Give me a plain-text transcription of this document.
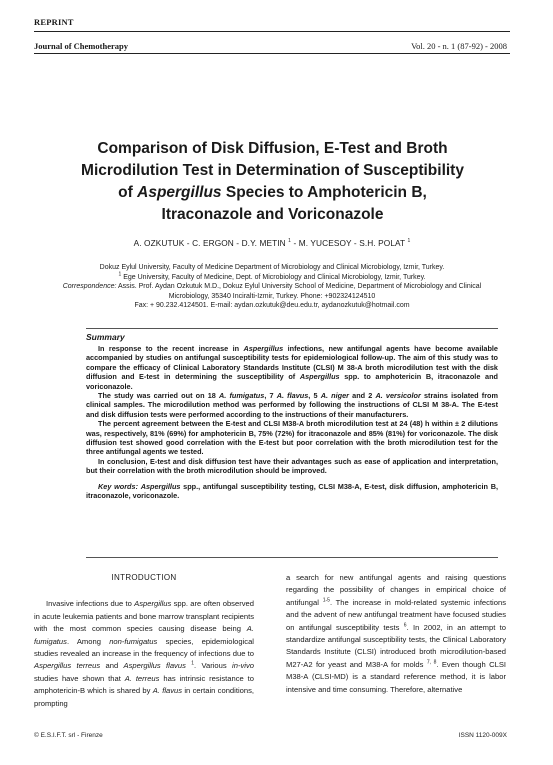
REPRINT
Journal of Chemotherapy	Vol. 20 - n. 1 (87-92) - 2008
Comparison of Disk Diffusion, E-Test and Broth
Microdilution Test in Determination of Susceptibility
of Aspergillus Species to Amphotericin B,
Itraconazole and Voriconazole
A. OZKUTUK - C. ERGON - D.Y. METIN $^1$ - M. YUCESOY - S.H. POLAT $^1$

Dokuz Eylul University, Faculty of Medicine Department of Microbiology and Clinical Microbiology, Izmir, Turkey.

$^1$ Ege University, Faculty of Medicine, Dept. of Microbiology and Clinical Microbiology, Izmir, Turkey.

Correspondence: Assis. Prof. Aydan Ozkutuk M.D., Dokuz Eylul University School of Medicine, Department of Microbiology and Clinical Microbiology, 35340 Inciralti-Izmir, Turkey. Phone: +902324124510

Fax: + 90.232.4124501. E-mail: aydan.ozkutuk@deu.edu.tr, aydanozkutuk@hotmail.com

Summary

In response to the recent increase in Aspergillus infections, new antifungal agents have become available accompanied by studies on antifungal susceptibility tests for epidemiological follow-up. The aim of this study was to compare the efficacy of Clinical Laboratory Standards Institute (CLSI) M 38-A broth microdilution test with the disk diffusion and E-test in determining the susceptibility of Aspergillus spp. to amphotericin B, itraconazole and voriconazole.

The study was carried out on 18 A. fumigatus, 7 A. flavus, 5 A. niger and 2 A. versicolor strains isolated from clinical samples. The microdilution method was performed by following the instructions of CLSI M 38-A. The E-test and disk diffusion tests were performed according to the instructions of their manufacturers.

The percent agreement between the E-test and CLSI M38-A broth microdilution test at 24 (48) h within ± 2 dilutions was, respectively, 81% (69%) for amphotericin B, 75% (72%) for itraconazole and 85% (81%) for voriconazole. The disk diffusion test showed good correlation with the E-test but poor correlation with the broth microdilution test for the three antifungal agents we tested.

In conclusion, E-test and disk diffusion test have their advantages such as ease of application and interpretation, but their correlation with the broth microdilution should be improved.

Key words: Aspergillus spp., antifungal susceptibility testing, CLSI M38-A, E-test, disk diffusion, amphotericin B, itraconazole, voriconazole.

INTRODUCTION

Invasive infections due to Aspergillus spp. are often observed in acute leukemia patients and bone marrow transplant recipients with the most common species causing disease being A. fumigatus. Among non-fumigatus species, epidemiological studies revealed an increase in the frequency of infections due to Aspergillus terreus and Aspergillus flavus $^1$. Various in-vivo studies have shown that A. terreus has intrinsic resistance to amphotericin-B which is shared by A. flavus in certain conditions, prompting

a search for new antifungal agents and raising questions regarding the possibility of changes in empirical choice of antifungal $^{1-5}$. The increase in mold-related systemic infections and the advent of new antifungal treatment have focused studies on antifungal susceptibility tests $^6$. In 2002, in an attempt to standardize antifungal susceptibility tests, the Clinical Laboratory Standards Institute (CLSI) introduced broth microdilution-based M27-A2 for yeast and M38-A for molds $^{7, 8}$. Even though CLSI M38-A (CLSI-MD) is a standard reference method, it is labor intensive and time consuming. Therefore, alternative

© E.S.I.F.T. srl - Firenze	ISSN 1120-009X
